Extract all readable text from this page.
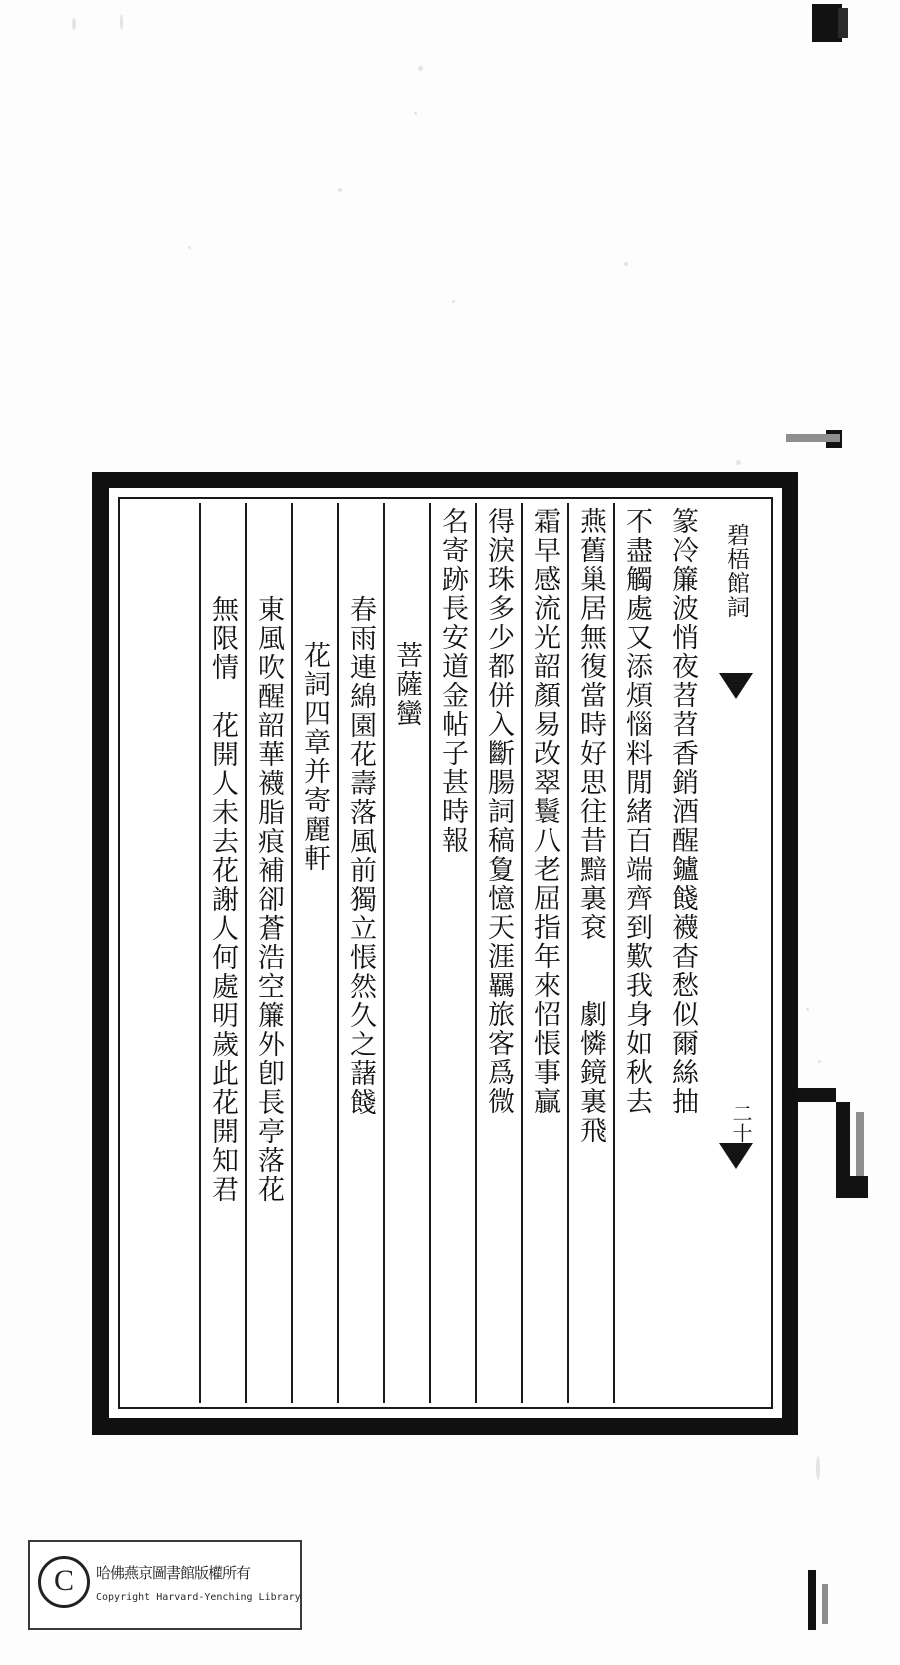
碧梧館詞
二十
篆冷簾波悄夜苕苕香銷酒醒鑪餞襪杳愁似爾絲抽
不盡觸處又添煩惱料閒緒百端齊到歎我身如秋去
燕舊巢居無復當時好思往昔黯裏袞　　劇憐鏡裏飛
霜早感流光韶顏易改翠鬟八老屈指年來怊悵事贏
得淚珠多少都併入斷腸詞稿夐憶天涯羈旅客爲微
名寄跡長安道金帖子甚時報
菩薩蠻
春雨連綿園花壽落風前獨立悵然久之藷餞
花詞四章并寄麗軒
東風吹醒韶華襪脂痕補卻蒼浩空簾外卽長亭落花
無限情　花開人未去花謝人何處明歲此花開知君
C	哈佛燕京圖書館版權所有
Copyright Harvard-Yenching Library
